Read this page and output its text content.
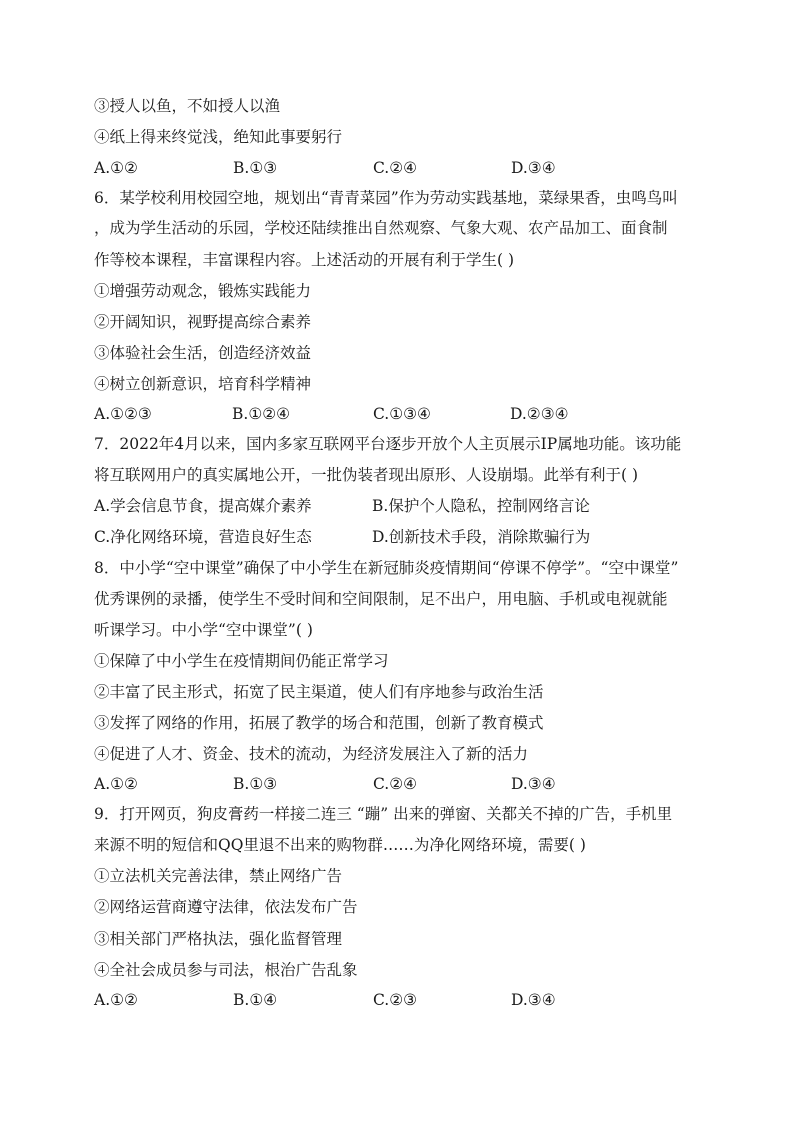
③授人以鱼，不如授人以渔
④纸上得来终觉浅，绝知此事要躬行
A.①②	B.①③	C.②④	D.③④
6．某学校利用校园空地，规划出“青青菜园”作为劳动实践基地，菜绿果香，虫鸣鸟叫
，成为学生活动的乐园，学校还陆续推出自然观察、气象大观、农产品加工、面食制
作等校本课程，丰富课程内容。上述活动的开展有利于学生( )
①增强劳动观念，锻炼实践能力
②开阔知识，视野提高综合素养
③体验社会生活，创造经济效益
④树立创新意识，培育科学精神
A.①②③	B.①②④	C.①③④	D.②③④
7．2022年4月以来，国内多家互联网平台逐步开放个人主页展示IP属地功能。该功能
将互联网用户的真实属地公开，一批伪装者现出原形、人设崩塌。此举有利于( )
A.学会信息节食，提高媒介素养	B.保护个人隐私，控制网络言论
C.净化网络环境，营造良好生态	D.创新技术手段，消除欺骗行为
8．中小学“空中课堂”确保了中小学生在新冠肺炎疫情期间“停课不停学”。“空中课堂”
优秀课例的录播，使学生不受时间和空间限制，足不出户，用电脑、手机或电视就能
听课学习。中小学“空中课堂”( )
①保障了中小学生在疫情期间仍能正常学习
②丰富了民主形式，拓宽了民主渠道，使人们有序地参与政治生活
③发挥了网络的作用，拓展了教学的场合和范围，创新了教育模式
④促进了人才、资金、技术的流动，为经济发展注入了新的活力
A.①②	B.①③	C.②④	D.③④
9．打开网页，狗皮膏药一样接二连三 “蹦” 出来的弹窗、关都关不掉的广告，手机里
来源不明的短信和QQ里退不出来的购物群……为净化网络环境，需要( )
①立法机关完善法律，禁止网络广告
②网络运营商遵守法律，依法发布广告
③相关部门严格执法，强化监督管理
④全社会成员参与司法，根治广告乱象
A.①②	B.①④	C.②③	D.③④
